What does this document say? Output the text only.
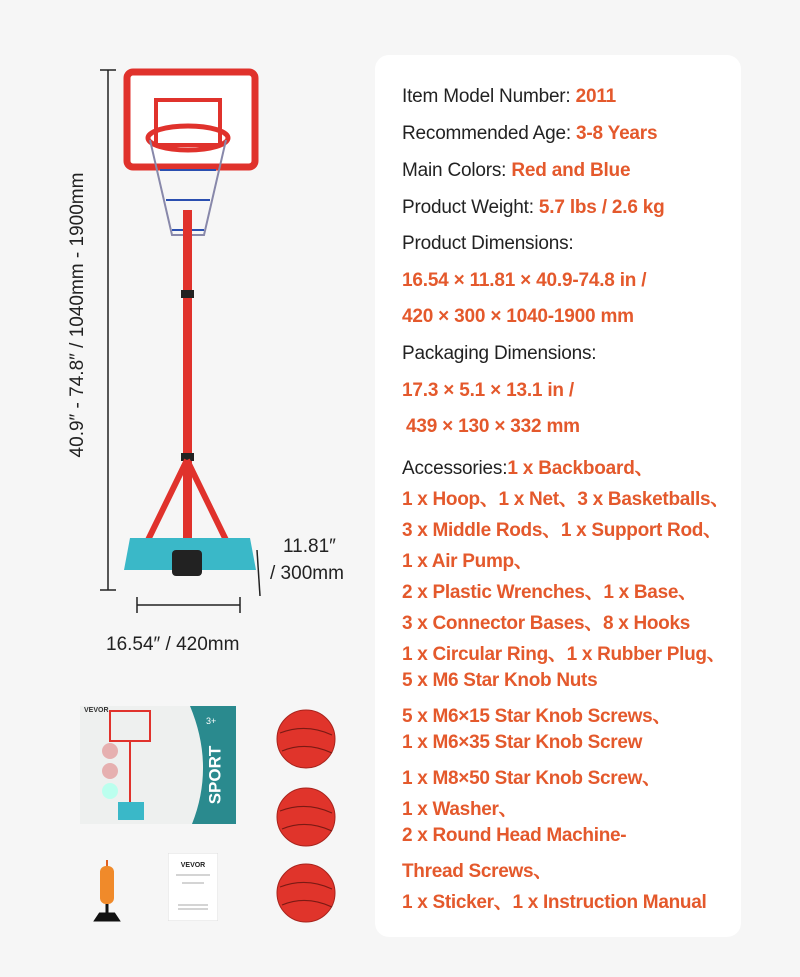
Item Model Number: 2011
Recommended Age: 3-8 Years
Main Colors: Red and Blue
Product Weight: 5.7 lbs / 2.6 kg
Product Dimensions:
16.54 × 11.81 × 40.9-74.8 in /
420 × 300 × 1040-1900 mm
Packaging Dimensions:
17.3 × 5.1 × 13.1 in /
439 × 130 × 332 mm
Accessories:1 x Backboard、
1 x Hoop、1 x Net、3 x Basketballs、
3 x Middle Rods、1 x Support Rod、
1 x Air Pump、
2 x Plastic Wrenches、1 x Base、
3 x Connector Bases、8 x Hooks
1 x Circular Ring、1 x Rubber Plug、
5 x M6 Star Knob Nuts
5 x M6×15 Star Knob Screws、
1 x M6×35 Star Knob Screw
1 x M8×50 Star Knob Screw、
1 x Washer、
2 x Round Head Machine-
Thread Screws、
1 x Sticker、1 x Instruction Manual
40.9″ - 74.8″ / 1040mm - 1900mm
16.54″ / 420mm
11.81″
/ 300mm
VEVOR
3+
SPORT
VEVOR
